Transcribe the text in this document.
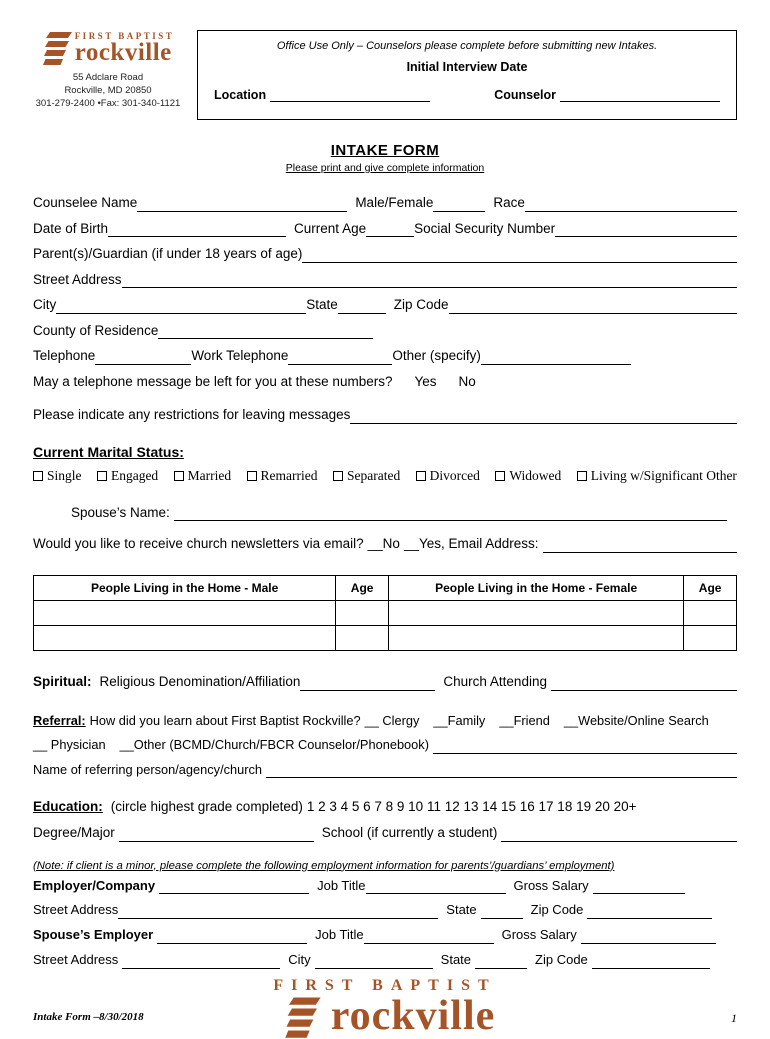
FIRST BAPTIST
rockville
55 Adclare Road
Rockville, MD 20850
301-279-2400 •Fax: 301-340-1121
Office Use Only – Counselors please complete before submitting new Intakes.
Initial Interview Date
Location	Counselor
INTAKE FORM
Please print and give complete information
Counselee Name	Male/Female	Race
Date of Birth	Current Age	Social Security Number
Parent(s)/Guardian (if under 18 years of age)
Street Address
City	State	Zip Code
County of Residence
Telephone	Work Telephone	Other (specify)
May a telephone message be left for you at these numbers? Yes No
Please indicate any restrictions for leaving messages
Current Marital Status:
Single Engaged Married Remarried Separated Divorced Widowed Living w/Significant Other
Spouse’s Name:
Would you like to receive church newsletters via email? __No __Yes, Email Address:
People Living in the Home - Male	Age	People Living in the Home - Female	Age

Spiritual: Religious Denomination/Affiliation	Church Attending
Referral: How did you learn about First Baptist Rockville? __ Clergy __Family __Friend __Website/Online Search
__ Physician __Other (BCMD/Church/FBCR Counselor/Phonebook)
Name of referring person/agency/church
Education: (circle highest grade completed) 1 2 3 4 5 6 7 8 9 10 11 12 13 14 15 16 17 18 19 20 20+
Degree/Major	School (if currently a student)
(Note: if client is a minor, please complete the following employment information for parents’/guardians’ employment)
Employer/Company	Job Title	Gross Salary
Street Address	State	Zip Code
Spouse’s Employer	Job Title	Gross Salary
Street Address	City	State	Zip Code
FIRST BAPTIST
rockville
Intake Form –8/30/2018	1
